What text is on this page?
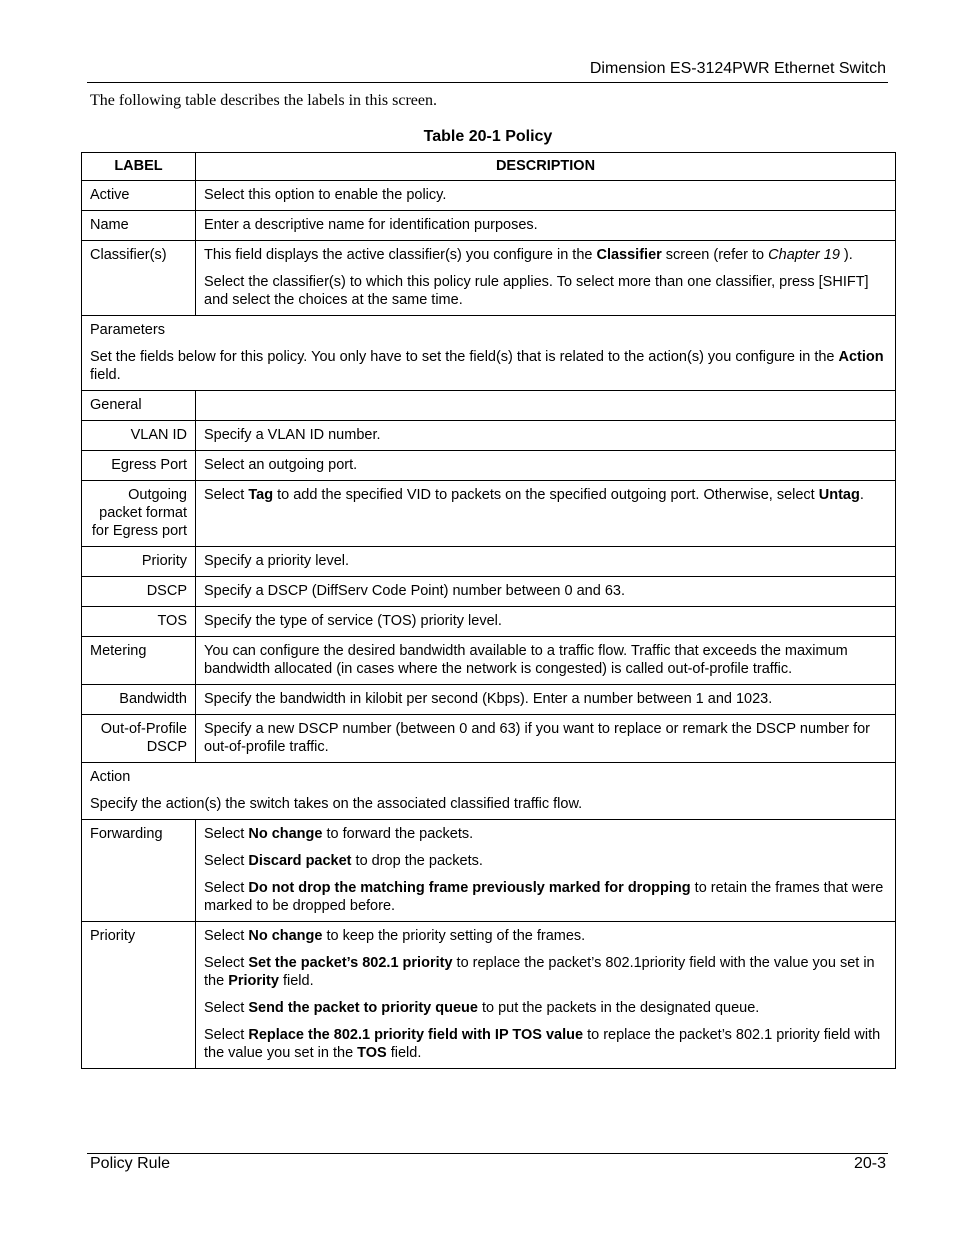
Dimension ES-3124PWR Ethernet Switch
The following table describes the labels in this screen.
Table 20-1 Policy
LABEL	DESCRIPTION
Active	Select this option to enable the policy.
Name	Enter a descriptive name for identification purposes.
Classifier(s)	This field displays the active classifier(s) you configure in the Classifier screen (refer to Chapter 19 ).
Select the classifier(s) to which this policy rule applies. To select more than one classifier, press [SHIFT] and select the choices at the same time.

Parameters
Set the fields below for this policy. You only have to set the field(s) that is related to the action(s) you configure in the Action field.	

General	
VLAN ID	Specify a VLAN ID number.
Egress Port	Select an outgoing port.
Outgoing packet format for Egress port	Select Tag to add the specified VID to packets on the specified outgoing port. Otherwise, select Untag.
Priority	Specify a priority level.
DSCP	Specify a DSCP (DiffServ Code Point) number between 0 and 63.
TOS	Specify the type of service (TOS) priority level.
Metering	You can configure the desired bandwidth available to a traffic flow. Traffic that exceeds the maximum bandwidth allocated (in cases where the network is congested) is called out-of-profile traffic.
Bandwidth	Specify the bandwidth in kilobit per second (Kbps). Enter a number between 1 and 1023.
Out-of-Profile DSCP	Specify a new DSCP number (between 0 and 63) if you want to replace or remark the DSCP number for out-of-profile traffic.

Action
Specify the action(s) the switch takes on the associated classified traffic flow.	

Forwarding	Select No change to forward the packets.
Select Discard packet to drop the packets.
Select Do not drop the matching frame previously marked for dropping to retain the frames that were marked to be dropped before.

Priority	Select No change to keep the priority setting of the frames.
Select Set the packet’s 802.1 priority to replace the packet’s 802.1priority field with the value you set in the Priority field.
Select Send the packet to priority queue to put the packets in the designated queue.
Select Replace the 802.1 priority field with IP TOS value to replace the packet’s 802.1 priority field with the value you set in the TOS field.
Policy Rule	20-3
